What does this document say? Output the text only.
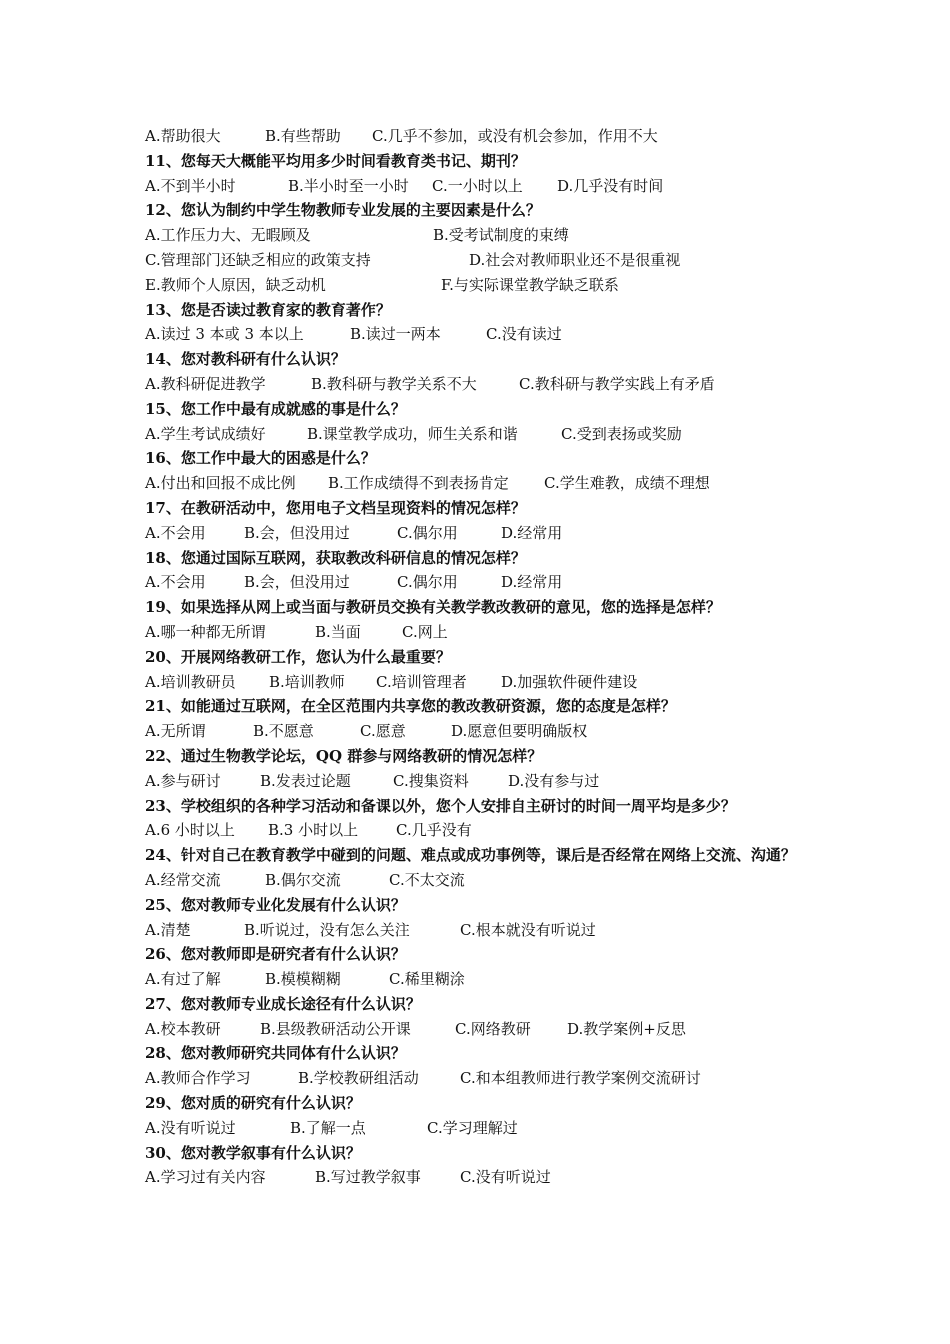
A.帮助很大	B.有些帮助 C.几乎不参加，或没有机会参加，作用不大
11、您每天大概能平均用多少时间看教育类书记、期刊？
A.不到半小时	B.半小时至一小时 C.一小时以上 D.几乎没有时间
12、您认为制约中学生物教师专业发展的主要因素是什么？
A.工作压力大、无暇顾及	B.受考试制度的束缚
C.管理部门还缺乏相应的政策支持	D.社会对教师职业还不是很重视
E.教师个人原因，缺乏动机	F.与实际课堂教学缺乏联系
13、您是否读过教育家的教育著作？
A.读过 3 本或 3 本以上	B.读过一两本	C.没有读过
14、您对教科研有什么认识？
A.教科研促进教学	B.教科研与教学关系不大	C.教科研与教学实践上有矛盾
15、您工作中最有成就感的事是什么？
A.学生考试成绩好	B.课堂教学成功，师生关系和谐	C.受到表扬或奖励
16、您工作中最大的困惑是什么？
A.付出和回报不成比例 B.工作成绩得不到表扬肯定 C.学生难教，成绩不理想
17、在教研活动中，您用电子文档呈现资料的情况怎样？
A.不会用	B.会，但没用过	C.偶尔用	D.经常用
18、您通过国际互联网，获取教改科研信息的情况怎样？
A.不会用	B.会，但没用过	C.偶尔用	D.经常用
19、如果选择从网上或当面与教研员交换有关教学教改教研的意见，您的选择是怎样？
A.哪一种都无所谓	B.当面	C.网上
20、开展网络教研工作，您认为什么最重要？
A.培训教研员 B.培训教师 C.培训管理者 D.加强软件硬件建设
21、如能通过互联网，在全区范围内共享您的教改教研资源，您的态度是怎样？
A.无所谓	B.不愿意	C.愿意	D.愿意但要明确版权
22、通过生物教学论坛，QQ 群参与网络教研的情况怎样？
A.参与研讨	B.发表过论题	C.搜集资料	D.没有参与过
23、学校组织的各种学习活动和备课以外，您个人安排自主研讨的时间一周平均是多少？
A.6 小时以上 B.3 小时以上	C.几乎没有
24、针对自己在教育教学中碰到的问题、难点或成功事例等，课后是否经常在网络上交流、沟通？
A.经常交流	B.偶尔交流	C.不太交流
25、您对教师专业化发展有什么认识？
A.清楚	B.听说过，没有怎么关注	C.根本就没有听说过
26、您对教师即是研究者有什么认识？
A.有过了解	B.模模糊糊	C.稀里糊涂
27、您对教师专业成长途径有什么认识？
A.校本教研	B.县级教研活动公开课	C.网络教研 D.教学案例+反思
28、您对教师研究共同体有什么认识？
A.教师合作学习	B.学校教研组活动	C.和本组教师进行教学案例交流研讨
29、您对质的研究有什么认识？
A.没有听说过	B.了解一点	C.学习理解过
30、您对教学叙事有什么认识？
A.学习过有关内容	B.写过教学叙事	C.没有听说过
